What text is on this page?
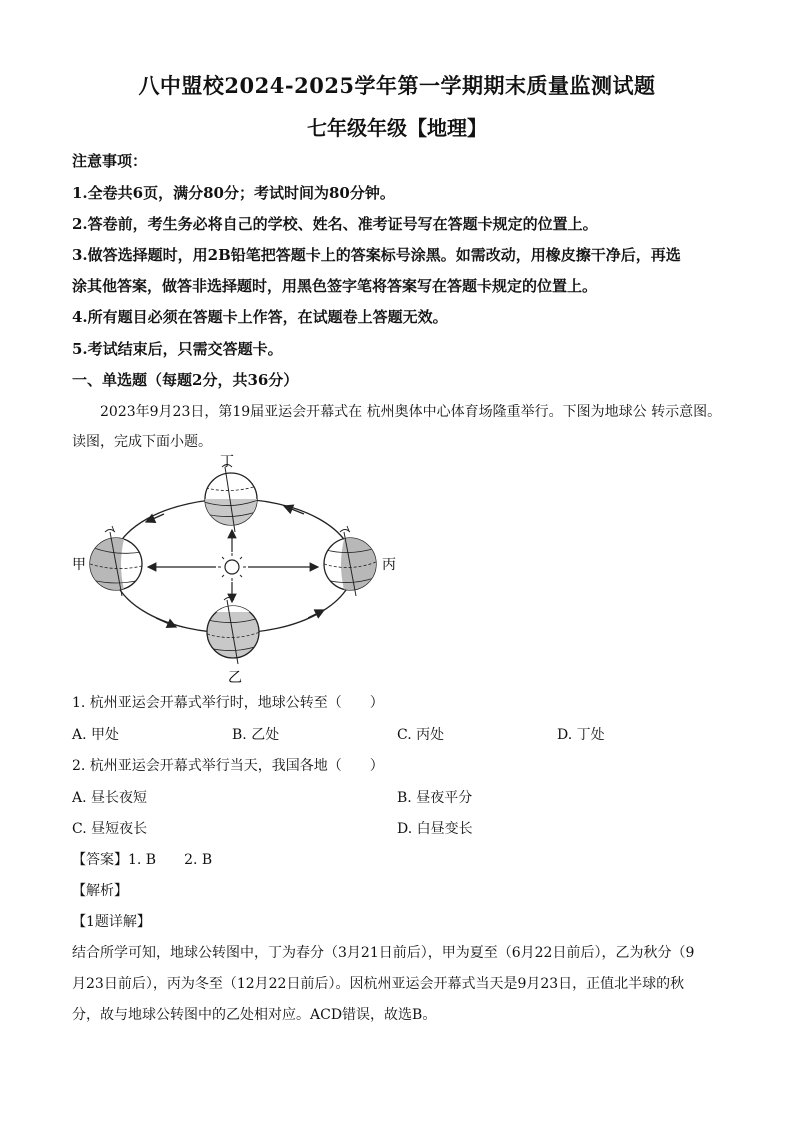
八中盟校2024-2025学年第一学期期末质量监测试题
七年级年级【地理】
注意事项：
1.全卷共6页，满分80分；考试时间为80分钟。
2.答卷前，考生务必将自己的学校、姓名、准考证号写在答题卡规定的位置上。
3.做答选择题时，用2B铅笔把答题卡上的答案标号涂黑。如需改动，用橡皮擦干净后，再选
涂其他答案，做答非选择题时，用黑色签字笔将答案写在答题卡规定的位置上。
4.所有题目必须在答题卡上作答，在试题卷上答题无效。
5.考试结束后，只需交答题卡。
一、单选题（每题2分，共36分）
2023年9月23日，第19届亚运会开幕式在 杭州奥体中心体育场隆重举行。下图为地球公 转示意图。
读图，完成下面小题。
丁
甲	丙
乙
1. 杭州亚运会开幕式举行时，地球公转至（　　）
A. 甲处	B. 乙处	C. 丙处	D. 丁处
2. 杭州亚运会开幕式举行当天，我国各地（　　）
A. 昼长夜短	B. 昼夜平分
C. 昼短夜长	D. 白昼变长
【答案】1. B　　2. B
【解析】
【1题详解】
结合所学可知，地球公转图中，丁为春分（3月21日前后），甲为夏至（6月22日前后），乙为秋分（9
月23日前后），丙为冬至（12月22日前后）。因杭州亚运会开幕式当天是9月23日，正值北半球的秋
分，故与地球公转图中的乙处相对应。ACD错误，故选B。
